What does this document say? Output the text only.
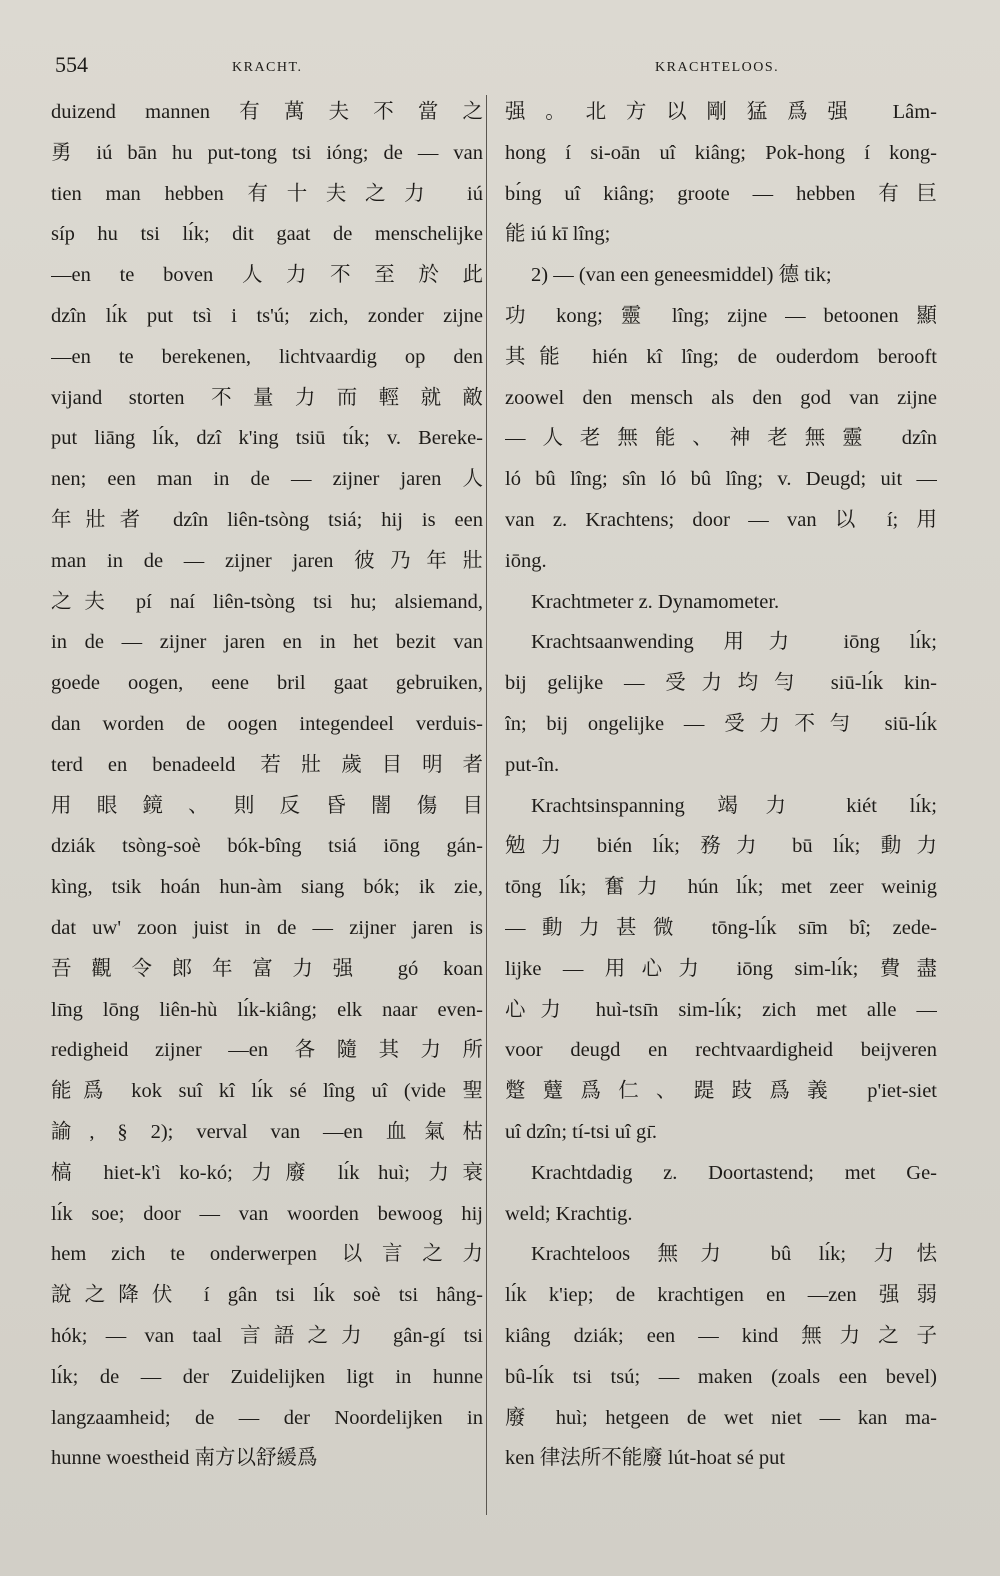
554	KRACHT.	KRACHTELOOS.
duizend mannen 有萬夫不當之
勇 iú bān hu put-tong tsi ióng; de — van
tien man hebben 有十夫之力 iú
síp hu tsi lı́k; dit gaat de menschelijke
—en te boven 人力不至於此
dzîn lı́k put tsì i ts'ú; zich, zonder zijne
—en te berekenen, lichtvaardig op den
vijand storten 不量力而輕就敵
put liāng lı́k, dzî k'ing tsiū tı́k; v. Bereke-
nen; een man in de — zijner jaren 人
年壯者 dzîn liên-tsòng tsiá; hij is een
man in de — zijner jaren 彼乃年壯
之夫 pí naí liên-tsòng tsi hu; alsiemand,
in de — zijner jaren en in het bezit van
goede oogen, eene bril gaat gebruiken,
dan worden de oogen integendeel verduis-
terd en benadeeld 若壯歲目明者
用眼鏡、則反昏闇傷目
dziák tsòng-soè bók-bîng tsiá iōng gán-
kìng, tsik hoán hun-àm siang bók; ik zie,
dat uw' zoon juist in de — zijner jaren is
吾觀令郎年富力强 gó koan
lı̄ng lōng liên-hù lı́k-kiâng; elk naar even-
redigheid zijner —en 各隨其力所
能爲 kok suî kî lı́k sé lîng uî (vide 聖
諭, § 2); verval van —en 血氣枯
槁 hiet-k'ì ko-kó; 力廢 lı́k huì; 力衰
lı́k soe; door — van woorden bewoog hij
hem zich te onderwerpen 以言之力
說之降伏 í gân tsi lı́k soè tsi hâng-
hók; — van taal 言語之力 gân-gí tsi
lı́k; de — der Zuidelijken ligt in hunne
langzaamheid; de — der Noordelijken in
hunne woestheid 南方以舒緩爲
强。北方以剛猛爲强 Lâm-
hong í si-oān uî kiâng; Pok-hong í kong-
bı́ng uî kiâng; groote — hebben 有巨
能 iú kī lîng;
2) — (van een geneesmiddel) 德 tik;
功 kong; 靈 lîng; zijne — betoonen 顯
其能 hién kî lîng; de ouderdom berooft
zoowel den mensch als den god van zijne
—人老無能、神老無靈 dzîn
ló bû lîng; sîn ló bû lîng; v. Deugd; uit —
van z. Krachtens; door — van 以 í; 用
iōng.
Krachtmeter z. Dynamometer.
Krachtsaanwending 用力 iōng lı́k;
bij gelijke — 受力均勻 siū-lı́k kin-
în; bij ongelijke — 受力不勻 siū-lı́k
put-în.
Krachtsinspanning 竭力 kiét lı́k;
勉力 bién lı́k; 務力 bū lı́k; 動力
tōng lı́k; 奮力 hún lı́k; met zeer weinig
—動力甚微 tōng-lı́k sı̄m bî; zede-
lijke — 用心力 iōng sim-lı́k; 費盡
心力 huì-tsı̄n sim-lı́k; zich met alle —
voor deugd en rechtvaardigheid beijveren
蹩躠爲仁、踶跂爲義 p'iet-siet
uî dzîn; tí-tsi uî gı̄.
Krachtdadig z. Doortastend; met Ge-
weld; Krachtig.
Krachteloos 無力 bû lı́k; 力怯
lı́k k'iep; de krachtigen en —zen 强弱
kiâng dziák; een — kind 無力之子
bû-lı́k tsi tsú; — maken (zoals een bevel)
廢 huì; hetgeen de wet niet — kan ma-
ken 律法所不能廢 lút-hoat sé put
